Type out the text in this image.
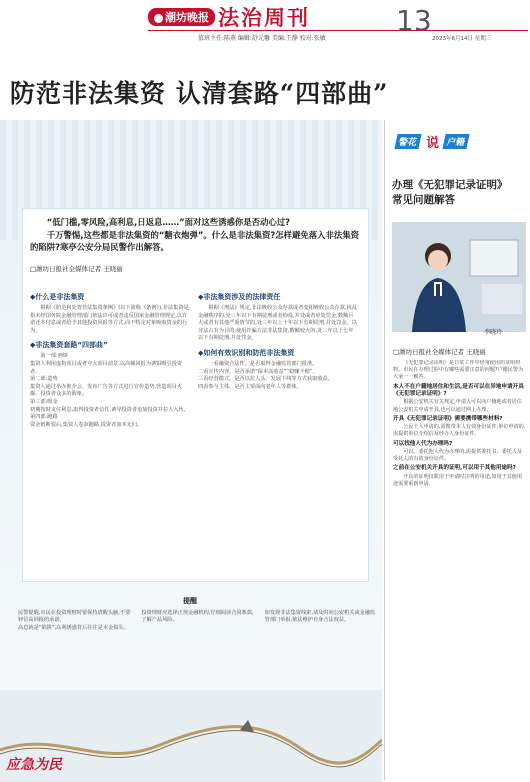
潮坊晚报 法治周刊
值班主任:陈燕 编辑:舒元馨 美编:王静 校对:张敏
13
2023年6月14日 星期三
防范非法集资 认清套路“四部曲”

“低门槛,零风险,高利息,日返息……”面对这些诱惑你是否动心过?

千万警惕,这些都是非法集资的“糖衣炮弹”。什么是非法集资?怎样避免落入非法集资的陷阱?寒亭公安分局民警作出解答。

□潍坊日报社全媒体记者 王晓丽
◆什么是非法集资

根据《防范和处置非法集资条例》(以下简称《条例》),非法集资是指未经国务院金融管理部门依法许可或者违反国家金融管理规定,以许诺还本付息或者给予其他投资回报等方式,向不特定对象吸收资金的行为。

◆非法集资套路“四部曲”

第一部:画饼
集资人利用虚构项目或者夸大项目前景,以高额回报为诱饵吸引投资者。
第二部:造势
集资人通过举办推介会、发布广告等方式进行宣传造势,营造项目火爆、投资者众多的假象。
第三部:吸金
初期按时支付利息,取得投资者信任,诱导投资者追加投资并拉人入伙。
第四部:跑路
资金链断裂后,集资人卷款跑路,投资者血本无归。

◆非法集资涉及的法律责任

根据《刑法》规定,非法吸收公众存款或者变相吸收公众存款,扰乱金融秩序的,处三年以下有期徒刑或者拘役,并处或者单处罚金;数额巨大或者有其他严重情节的,处三年以上十年以下有期徒刑,并处罚金。以非法占有为目的,使用诈骗方法非法集资,数额较大的,处三年以上七年以下有期徒刑,并处罚金。

◆如何有效识别和防范非法集资

一看融资合法性。是否取得金融监管部门批准。
二看宣传内容。是否承诺“保本高收益”“稳赚不赔”。
三看经营模式。是否以拉人头、发展下线等方式获取收益。
四看参与主体。是否主要面向老年人等群体。

提醒
民警提醒,市民在投资理财时要保持清醒头脑,不要轻信高回报的承诺。
高息就是“陷阱”,高利诱惑背后往往是本金损失。
投资理财应选择正规金融机构,仔细阅读合同条款,了解产品风险。
如发现非法集资线索,请及时向公安机关或金融监管部门举报,依法维护自身合法权益。
应急为民
警花 说 户籍
办理《无犯罪记录证明》
常见问题解答
李晓玲
□潍坊日报社全媒体记者 王晓丽

《无犯罪记录证明》是日常工作中经常使用的证明材料。市民在办理过程中有哪些需要注意的问题?户籍民警为大家一一解答。

本人不在户籍地居住和生活,是否可以在异地申请开具《无犯罪记录证明》?

根据公安机关有关规定,申请人可以向户籍地或者居住地公安机关申请开具,也可以通过网上办理。

开具《无犯罪记录证明》需要携带哪些材料?

公民个人申请的,需携带本人有效身份证件;单位申请的,需提供单位介绍信及经办人身份证件。

可以找他人代为办理吗?

可以。委托他人代为办理的,需提供委托书、委托人及受托人的有效身份证件。

之前在公安机关开具的证明,可以用于其他用途吗?

开具的证明仅限用于申请时注明的用途,如用于其他用途需要重新申请。
